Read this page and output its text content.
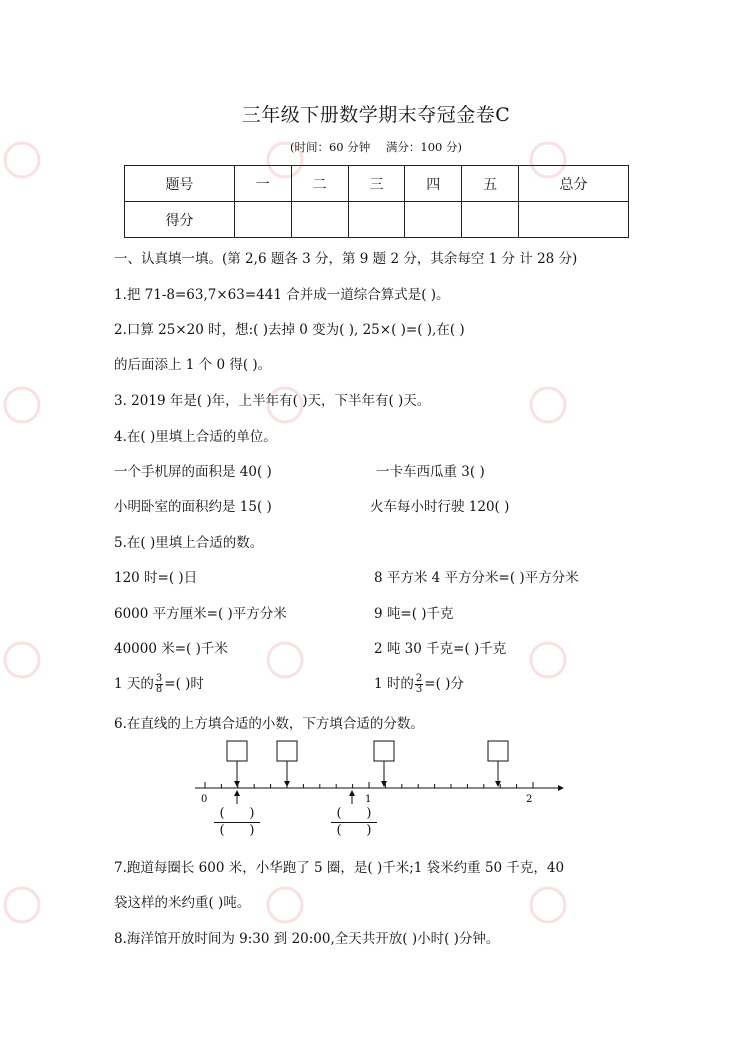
三年级下册数学期末夺冠金卷C
(时间：60 分钟 满分：100 分)
题号	一	二	三	四	五	总分
得分						
一、认真填一填。(第 2,6 题各 3 分，第 9 题 2 分，其余每空 1 分 计 28 分)
1.把 71-8=63,7×63=441 合并成一道综合算式是( )。
2.口算 25×20 时，想:( )去掉 0 变为( ), 25×( )=( ),在( )
的后面添上 1 个 0 得( )。
3. 2019 年是( )年，上半年有( )天，下半年有( )天。
4.在( )里填上合适的单位。
一个手机屏的面积是 40( )	一卡车西瓜重 3( )
小明卧室的面积约是 15( )	火车每小时行驶 120( )
5.在( )里填上合适的数。
120 时=( )日	8 平方米 4 平方分米=( )平方分米
6000 平方厘米=( )平方分米	9 吨=( )千克
40000 米=( )千米	2 吨 30 千克=( )千克
1 天的 $\frac{3}{8}$ =( )时	1 时的 $\frac{2}{3}$ =( )分
6.在直线的上方填合适的小数，下方填合适的分数。
0	1	2
( )
( )
( )
( )
7.跑道每圈长 600 米，小华跑了 5 圈，是( )千米;1 袋米约重 50 千克，40
袋这样的米约重( )吨。
8.海洋馆开放时间为 9:30 到 20:00,全天共开放( )小时( )分钟。
